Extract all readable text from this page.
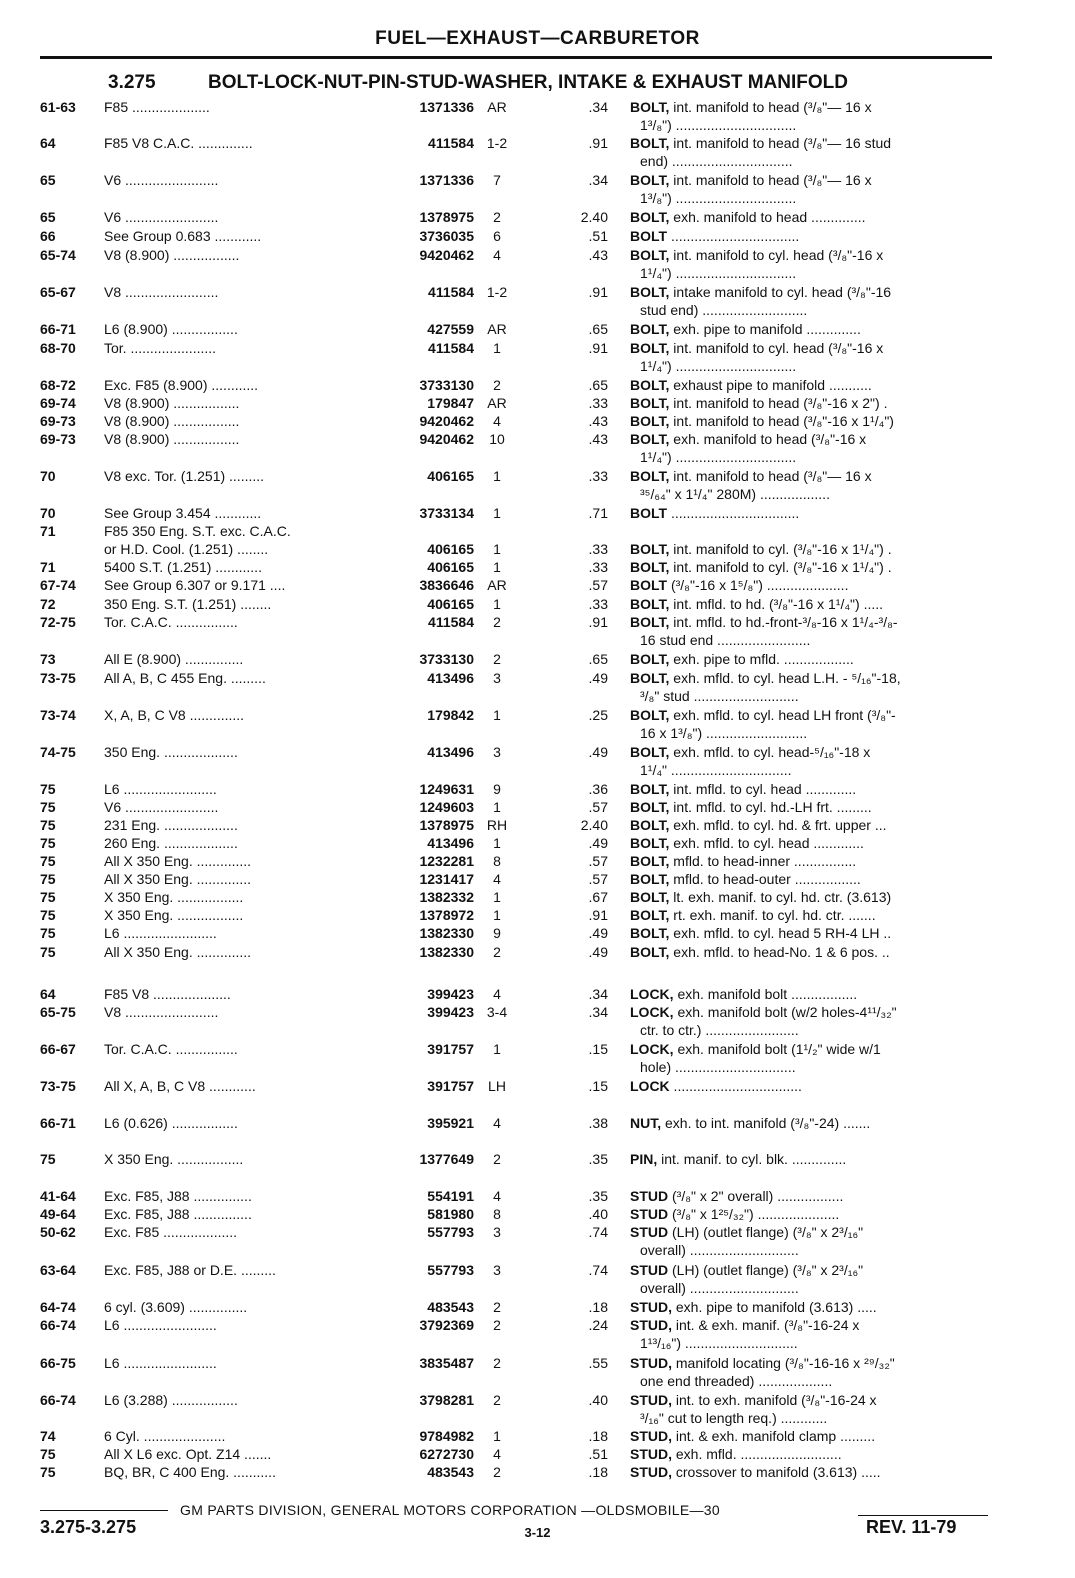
FUEL—EXHAUST—CARBURETOR
3.275	BOLT-LOCK-NUT-PIN-STUD-WASHER, INTAKE & EXHAUST MANIFOLD
61-63 F85 ....................	1371336 AR	.34 BOLT, int. manifold to head (³/₈"— 16 x
1³/₈") ...............................
64	F85 V8 C.A.C. ..............	411584 1-2	.91 BOLT, int. manifold to head (³/₈"— 16 stud
end) ...............................
65	V6 ........................	1371336	7	.34 BOLT, int. manifold to head (³/₈"— 16 x
1³/₈") ...............................
65	V6 ........................	1378975	2	2.40 BOLT, exh. manifold to head ..............
66	See Group 0.683 ............	3736035	6	.51 BOLT .................................
65-74 V8 (8.900) .................	9420462	4	.43 BOLT, int. manifold to cyl. head (³/₈"-16 x
1¹/₄") ...............................
65-67 V8 ........................	411584 1-2	.91 BOLT, intake manifold to cyl. head (³/₈"-16
stud end) ...........................
66-71 L6 (8.900) .................	427559 AR	.65 BOLT, exh. pipe to manifold ..............
68-70 Tor. ......................	411584	1	.91 BOLT, int. manifold to cyl. head (³/₈"-16 x
1¹/₄") ...............................
68-72 Exc. F85 (8.900) ............	3733130	2	.65 BOLT, exhaust pipe to manifold ...........
69-74 V8 (8.900) .................	179847 AR	.33 BOLT, int. manifold to head (³/₈"-16 x 2") .
69-73 V8 (8.900) .................	9420462	4	.43 BOLT, int. manifold to head (³/₈"-16 x 1¹/₄")
69-73 V8 (8.900) .................	9420462	10	.43 BOLT, exh. manifold to head (³/₈"-16 x
1¹/₄") ...............................
70	V8 exc. Tor. (1.251) .........	406165	1	.33 BOLT, int. manifold to head (³/₈"— 16 x
³⁵/₆₄" x 1¹/₄" 280M) ..................
70	See Group 3.454 ............	3733134	1	.71 BOLT .................................
71	F85 350 Eng. S.T. exc. C.A.C.
or H.D. Cool. (1.251) ........	406165	1	.33 BOLT, int. manifold to cyl. (³/₈"-16 x 1¹/₄") .
71	5400 S.T. (1.251) ............	406165	1	.33 BOLT, int. manifold to cyl. (³/₈"-16 x 1¹/₄") .
67-74 See Group 6.307 or 9.171 ....	3836646 AR	.57 BOLT (³/₈"-16 x 1⁵/₈") .....................
72	350 Eng. S.T. (1.251) ........	406165	1	.33 BOLT, int. mfld. to hd. (³/₈"-16 x 1¹/₄") .....
72-75 Tor. C.A.C. ................	411584	2	.91 BOLT, int. mfld. to hd.-front-³/₈-16 x 1¹/₄-³/₈-
16 stud end ........................
73	All E (8.900) ...............	3733130	2	.65 BOLT, exh. pipe to mfld. ..................
73-75 All A, B, C 455 Eng. .........	413496	3	.49 BOLT, exh. mfld. to cyl. head L.H. - ⁵/₁₆"-18,
³/₈" stud ...........................
73-74 X, A, B, C V8 ..............	179842	1	.25 BOLT, exh. mfld. to cyl. head LH front (³/₈"-
16 x 1³/₈") ..........................
74-75 350 Eng. ...................	413496	3	.49 BOLT, exh. mfld. to cyl. head-⁵/₁₆"-18 x
1¹/₄" ...............................
75	L6 ........................	1249631	9	.36 BOLT, int. mfld. to cyl. head .............
75	V6 ........................	1249603	1	.57 BOLT, int. mfld. to cyl. hd.-LH frt. .........
75	231 Eng. ...................	1378975 RH	2.40 BOLT, exh. mfld. to cyl. hd. & frt. upper ...
75	260 Eng. ...................	413496	1	.49 BOLT, exh. mfld. to cyl. head .............
75	All X 350 Eng. ..............	1232281	8	.57 BOLT, mfld. to head-inner ................
75	All X 350 Eng. ..............	1231417	4	.57 BOLT, mfld. to head-outer .................
75	X 350 Eng. .................	1382332	1	.67 BOLT, lt. exh. manif. to cyl. hd. ctr. (3.613)
75	X 350 Eng. .................	1378972	1	.91 BOLT, rt. exh. manif. to cyl. hd. ctr. .......
75	L6 ........................	1382330	9	.49 BOLT, exh. mfld. to cyl. head 5 RH-4 LH ..
75	All X 350 Eng. ..............	1382330	2	.49 BOLT, exh. mfld. to head-No. 1 & 6 pos. ..
64	F85 V8 ....................	399423	4	.34 LOCK, exh. manifold bolt .................
65-75 V8 ........................	399423 3-4	.34 LOCK, exh. manifold bolt (w/2 holes-4¹¹/₃₂"
ctr. to ctr.) ........................
66-67 Tor. C.A.C. ................	391757	1	.15 LOCK, exh. manifold bolt (1¹/₂" wide w/1
hole) ...............................
73-75 All X, A, B, C V8 ............	391757	LH	.15 LOCK .................................
66-71 L6 (0.626) .................	395921	4	.38 NUT, exh. to int. manifold (³/₈"-24) .......
75	X 350 Eng. .................	1377649	2	.35 PIN, int. manif. to cyl. blk. ..............
41-64 Exc. F85, J88 ...............	554191	4	.35 STUD (³/₈" x 2" overall) .................
49-64 Exc. F85, J88 ...............	581980	8	.40 STUD (³/₈" x 1²⁵/₃₂") .....................
50-62 Exc. F85 ...................	557793	3	.74 STUD (LH) (outlet flange) (³/₈" x 2³/₁₆"
overall) ............................
63-64 Exc. F85, J88 or D.E. .........	557793	3	.74 STUD (LH) (outlet flange) (³/₈" x 2³/₁₆"
overall) ............................
64-74 6 cyl. (3.609) ...............	483543	2	.18 STUD, exh. pipe to manifold (3.613) .....
66-74 L6 ........................	3792369	2	.24 STUD, int. & exh. manif. (³/₈"-16-24 x
1¹³/₁₆") .............................
66-75 L6 ........................	3835487	2	.55 STUD, manifold locating (³/₈"-16-16 x ²⁹/₃₂"
one end threaded) ...................
66-74 L6 (3.288) .................	3798281	2	.40 STUD, int. to exh. manifold (³/₈"-16-24 x
³/₁₆" cut to length req.) ............
74	6 Cyl. .....................	9784982	1	.18 STUD, int. & exh. manifold clamp .........
75	All X L6 exc. Opt. Z14 .......	6272730	4	.51 STUD, exh. mfld. ..........................
75	BQ, BR, C 400 Eng. ...........	483543	2	.18 STUD, crossover to manifold (3.613) .....
3.275-3.275
GM PARTS DIVISION, GENERAL MOTORS CORPORATION —OLDSMOBILE—30
3-12	REV. 11-79
